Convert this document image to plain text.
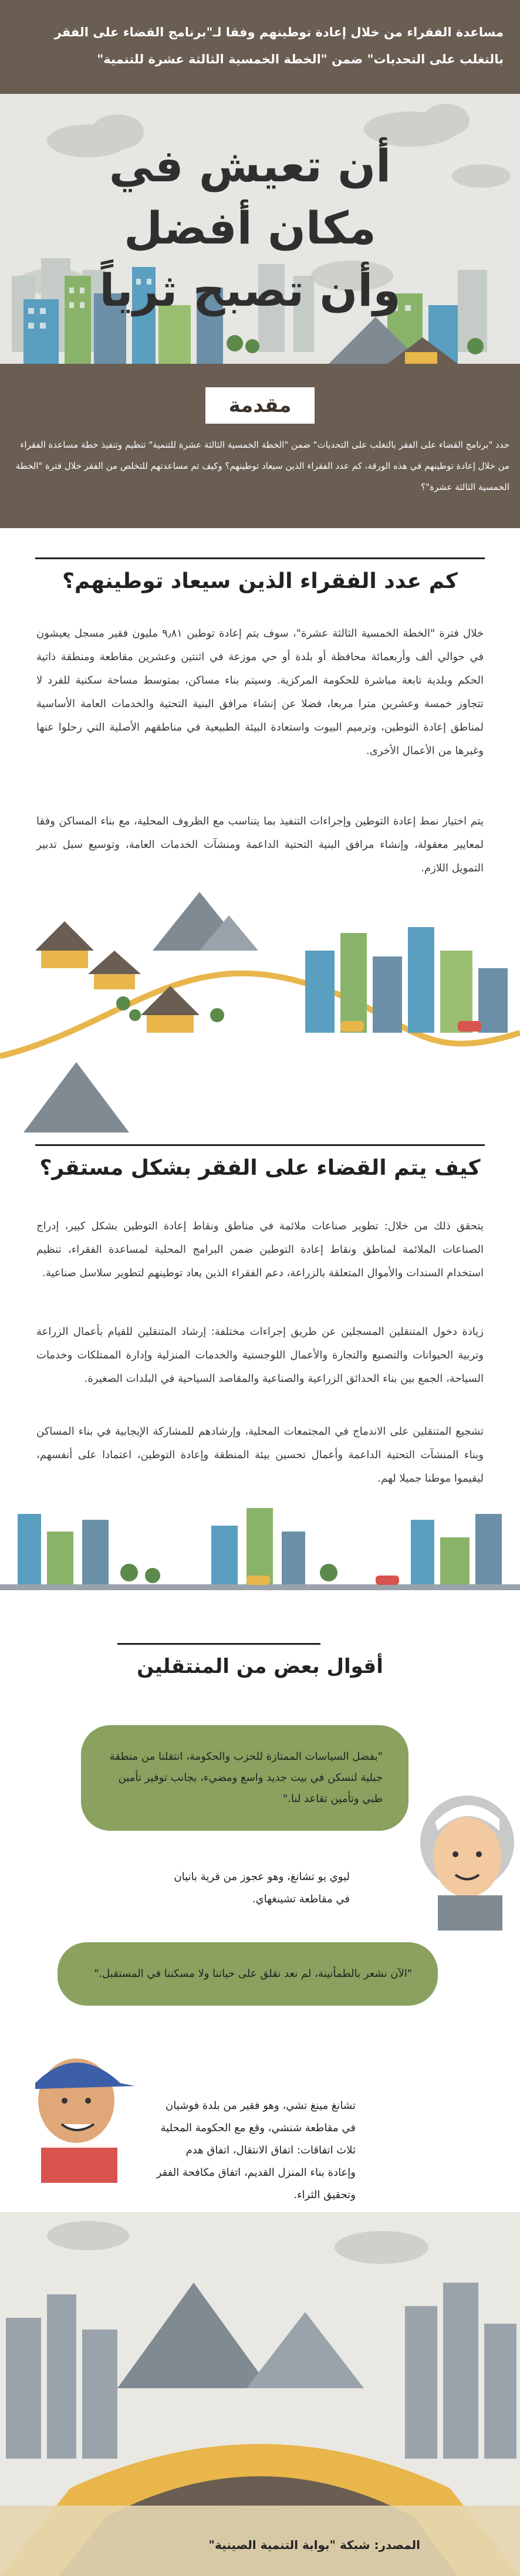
مساعدة الفقراء من خلال إعادة توطينهم وفقا لـ"برنامج القضاء على الفقر بالتغلب على التحديات" ضمن "الخطة الخمسية الثالثة عشرة للتنمية"
أن تعيش في مكان أفضل
وأن تصبح ثرياً
مقدمة
حدد "برنامج القضاء على الفقر بالتغلب على التحديات" ضمن "الخطة الخمسية الثالثة عشرة للتنمية" تنظيم وتنفيذ خطة مساعدة الفقراء من خلال إعادة توطينهم في هذه الورقة، كم عدد الفقراء الذين سيعاد توطينهم؟ وكيف تم مساعدتهم للتخلص من الفقر خلال فترة "الخطة الخمسية الثالثة عشرة"؟
كم عدد الفقراء الذين سيعاد توطينهم؟
خلال فترة "الخطة الخمسية الثالثة عشرة"، سوف يتم إعادة توطين ٩٫٨١ مليون فقير مسجل يعيشون في حوالي ألف وأربعمائة محافظة أو بلدة أو حي موزعة في اثنتين وعشرين مقاطعة ومنطقة ذاتية الحكم وبلدية تابعة مباشرة للحكومة المركزية. وسيتم بناء مساكن، بمتوسط مساحة سكنية للفرد لا تتجاوز خمسة وعشرين مترا مربعا، فضلا عن إنشاء مرافق البنية التحتية والخدمات العامة الأساسية لمناطق إعادة التوطين، وترميم البيوت واستعادة البيئة الطبيعية في مناطقهم الأصلية التي رحلوا عنها وغيرها من الأعمال الأخرى.
يتم اختيار نمط إعادة التوطين وإجراءات التنفيذ بما يتناسب مع الظروف المحلية، مع بناء المساكن وفقا لمعايير معقولة، وإنشاء مرافق البنية التحتية الداعمة ومنشآت الخدمات العامة، وتوسيع سبل تدبير التمويل اللازم.
كيف يتم القضاء على الفقر بشكل مستقر؟
يتحقق ذلك من خلال: تطوير صناعات ملائمة في مناطق ونقاط إعادة التوطين بشكل كبير، إدراج الصناعات الملائمة لمناطق ونقاط إعادة التوطين ضمن البرامج المحلية لمساعدة الفقراء، تنظيم استخدام السندات والأموال المتعلقة بالزراعة، دعم الفقراء الذين يعاد توطينهم لتطوير سلاسل صناعية.
زيادة دخول المتنقلين المسجلين عن طريق إجراءات مختلفة: إرشاد المتنقلين للقيام بأعمال الزراعة وتربية الحيوانات والتصنيع والتجارة والأعمال اللوجستية والخدمات المنزلية وإدارة الممتلكات وخدمات السياحة، الجمع بين بناء الحدائق الزراعية والصناعية والمقاصد السياحية في البلدات الصغيرة.
تشجيع المتنقلين على الاندماج في المجتمعات المحلية، وإرشادهم للمشاركة الإيجابية في بناء المساكن وبناء المنشآت التحتية الداعمة وأعمال تحسين بيئة المنطقة وإعادة التوطين، اعتمادا على أنفسهم، ليقيموا موطنا جميلا لهم.
أقوال بعض من المنتقلين
"بفضل السياسات الممتازة للحزب والحكومة، انتقلنا من منطقة جبلية لنسكن في بيت جديد واسع ومضيء، بجانب توفير تأمين طبي وتأمين تقاعد لنا."
ليوي يو تشانغ، وهو عجوز من قرية بانيان في مقاطعة تشينغهاي.
"الآن نشعر بالطمأنينة، لم نعد نقلق على حياتنا ولا مسكننا في المستقبل."
تشانغ مينغ تشي، وهو فقير من بلدة فوشيان في مقاطعة شنشي، وقع مع الحكومة المحلية ثلاث اتفاقات: اتفاق الانتقال، اتفاق هدم وإعادة بناء المنزل القديم، اتفاق مكافحة الفقر وتحقيق الثراء.
المصدر: شبكة "بوابة التنمية الصينية"
